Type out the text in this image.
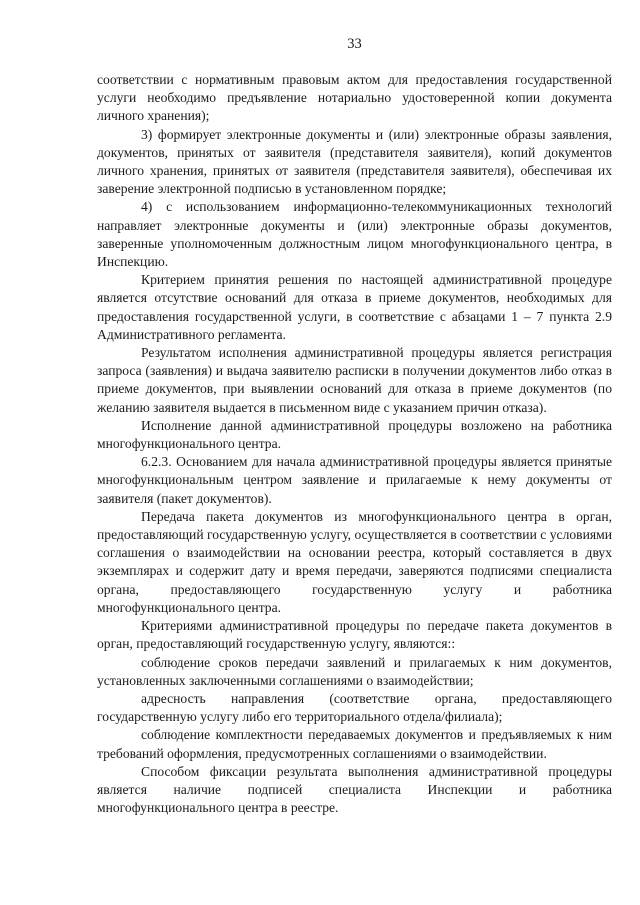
33

соответствии с нормативным правовым актом для предоставления государственной услуги необходимо предъявление нотариально удостоверенной копии документа личного хранения);

3) формирует электронные документы и (или) электронные образы заявления, документов, принятых от заявителя (представителя заявителя), копий документов личного хранения, принятых от заявителя (представителя заявителя), обеспечивая их заверение электронной подписью в установленном порядке;

4) с использованием информационно-телекоммуникационных технологий направляет электронные документы и (или) электронные образы документов, заверенные уполномоченным должностным лицом многофункционального центра, в Инспекцию.

Критерием принятия решения по настоящей административной процедуре является отсутствие оснований для отказа в приеме документов, необходимых для предоставления государственной услуги, в соответствие с абзацами 1 – 7 пункта 2.9 Административного регламента.

Результатом исполнения административной процедуры является регистрация запроса (заявления) и выдача заявителю расписки в получении документов либо отказ в приеме документов, при выявлении оснований для отказа в приеме документов (по желанию заявителя выдается в письменном виде с указанием причин отказа).

Исполнение данной административной процедуры возложено на работника многофункционального центра.

6.2.3. Основанием для начала административной процедуры является принятые многофункциональным центром заявление и прилагаемые к нему документы от заявителя (пакет документов).

Передача пакета документов из многофункционального центра в орган, предоставляющий государственную услугу, осуществляется в соответствии с условиями соглашения о взаимодействии на основании реестра, который составляется в двух экземплярах и содержит дату и время передачи, заверяются подписями специалиста органа, предоставляющего государственную услугу и работника многофункционального центра.

Критериями административной процедуры по передаче пакета документов в орган, предоставляющий государственную услугу, являются::

соблюдение сроков передачи заявлений и прилагаемых к ним документов, установленных заключенными соглашениями о взаимодействии;

адресность направления (соответствие органа, предоставляющего государственную услугу либо его территориального отдела/филиала);

соблюдение комплектности передаваемых документов и предъявляемых к ним требований оформления, предусмотренных соглашениями о взаимодействии.

Способом фиксации результата выполнения административной процедуры является наличие подписей специалиста Инспекции и работника многофункционального центра в реестре.
